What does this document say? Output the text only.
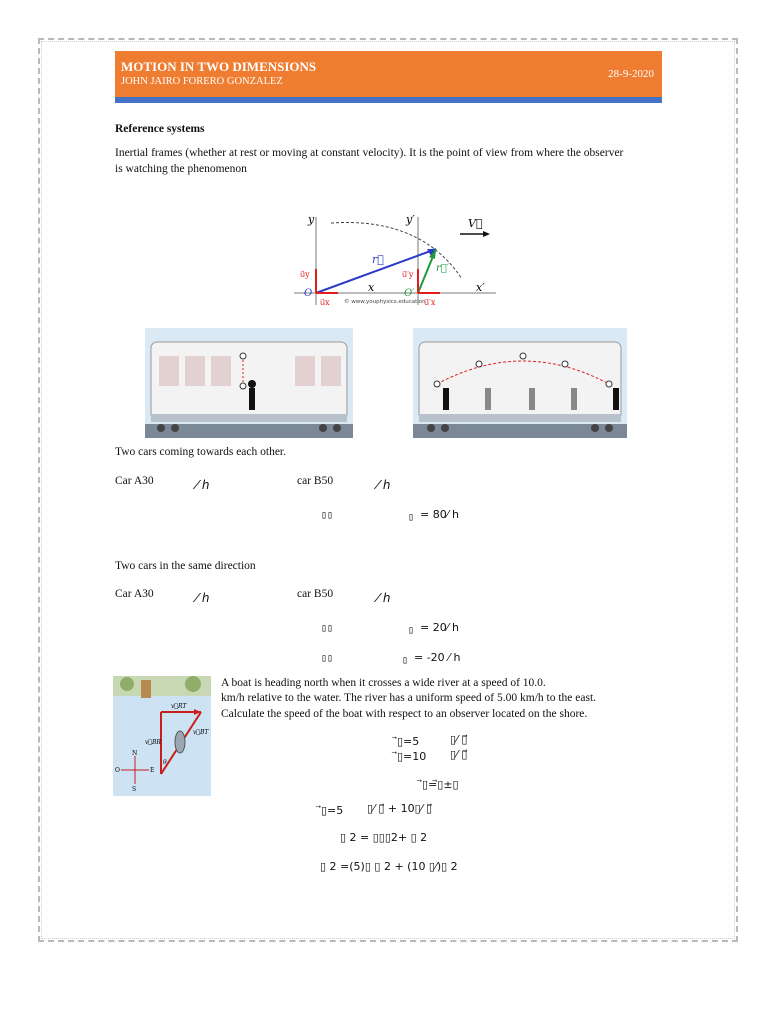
MOTION IN TWO DIMENSIONS
JOHN JAIRO FORERO GONZALEZ
28-9-2020
Reference systems
Inertial frames (whether at rest or moving at constant velocity). It is the point of view from where the observer
is watching the phenomenon
y	y′
x	x′
O	O′
r⃗
r⃗′
V⃗
u⃗y
u⃗x
u⃗′y
u⃗′x
© www.youphysics.education
Two cars coming towards each other.
Car A30	⁄ h	car B50	⁄ h
▯▯	▯ = 80⁄ h
Two cars in the same direction
Car A30	⁄ h	car B50	⁄ h
▯▯	▯ = 20⁄ h
▯▯	▯ = -20 ⁄ h
v⃗RT
v⃗BT
v⃗BR
θ
N
S
E
O
A boat is heading north when it crosses a wide river at a speed of 10.0.
km/h relative to the water. The river has a uniform speed of 5.00 km/h to the east.
Calculate the speed of the boat with respect to an observer located on the shore.
⃗▯=5	▯⁄ ▯⃗
⃗▯=10 ▯⁄ ▯⃗
⃗▯=⃗▯±▯
⃗▯=5 ▯⁄ ▯⃗ + 10▯⁄ ▯⃗
▯ 2 = ▯▯▯2+ ▯ 2
▯ 2 =(5)▯ ▯ 2 + (10 ▯⁄)▯ 2
